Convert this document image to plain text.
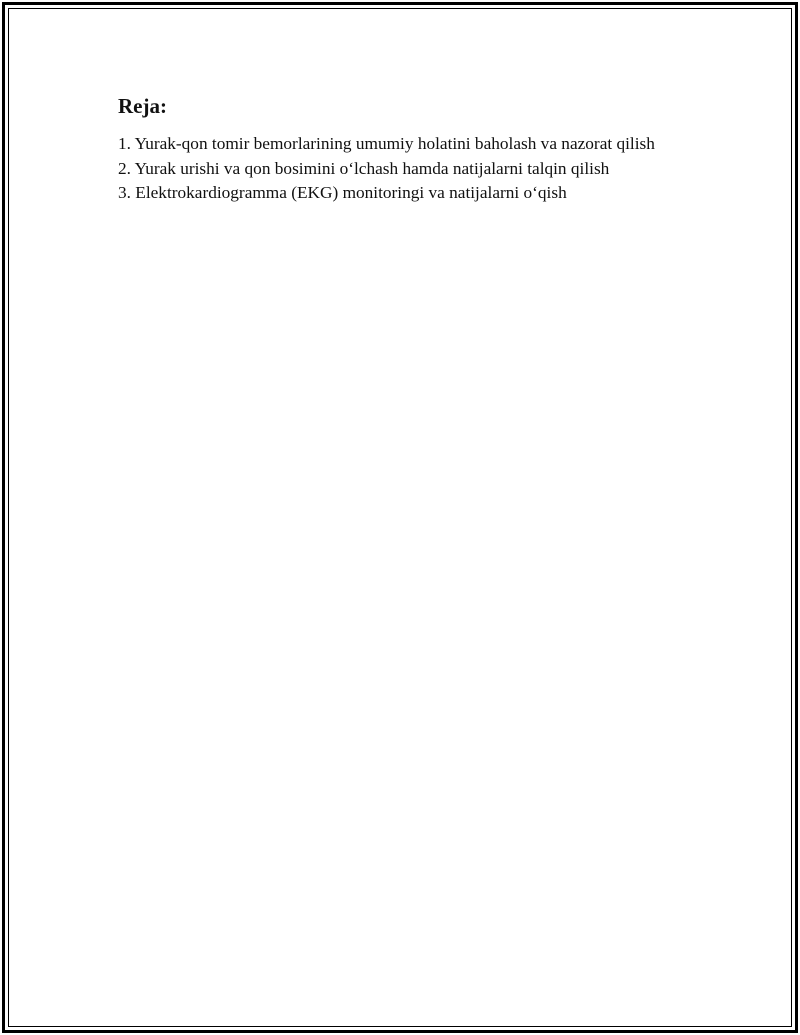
Reja:
1. Yurak-qon tomir bemorlarining umumiy holatini baholash va nazorat qilish
2. Yurak urishi va qon bosimini o‘lchash hamda natijalarni talqin qilish
3. Elektrokardiogramma (EKG) monitoringi va natijalarni o‘qish
